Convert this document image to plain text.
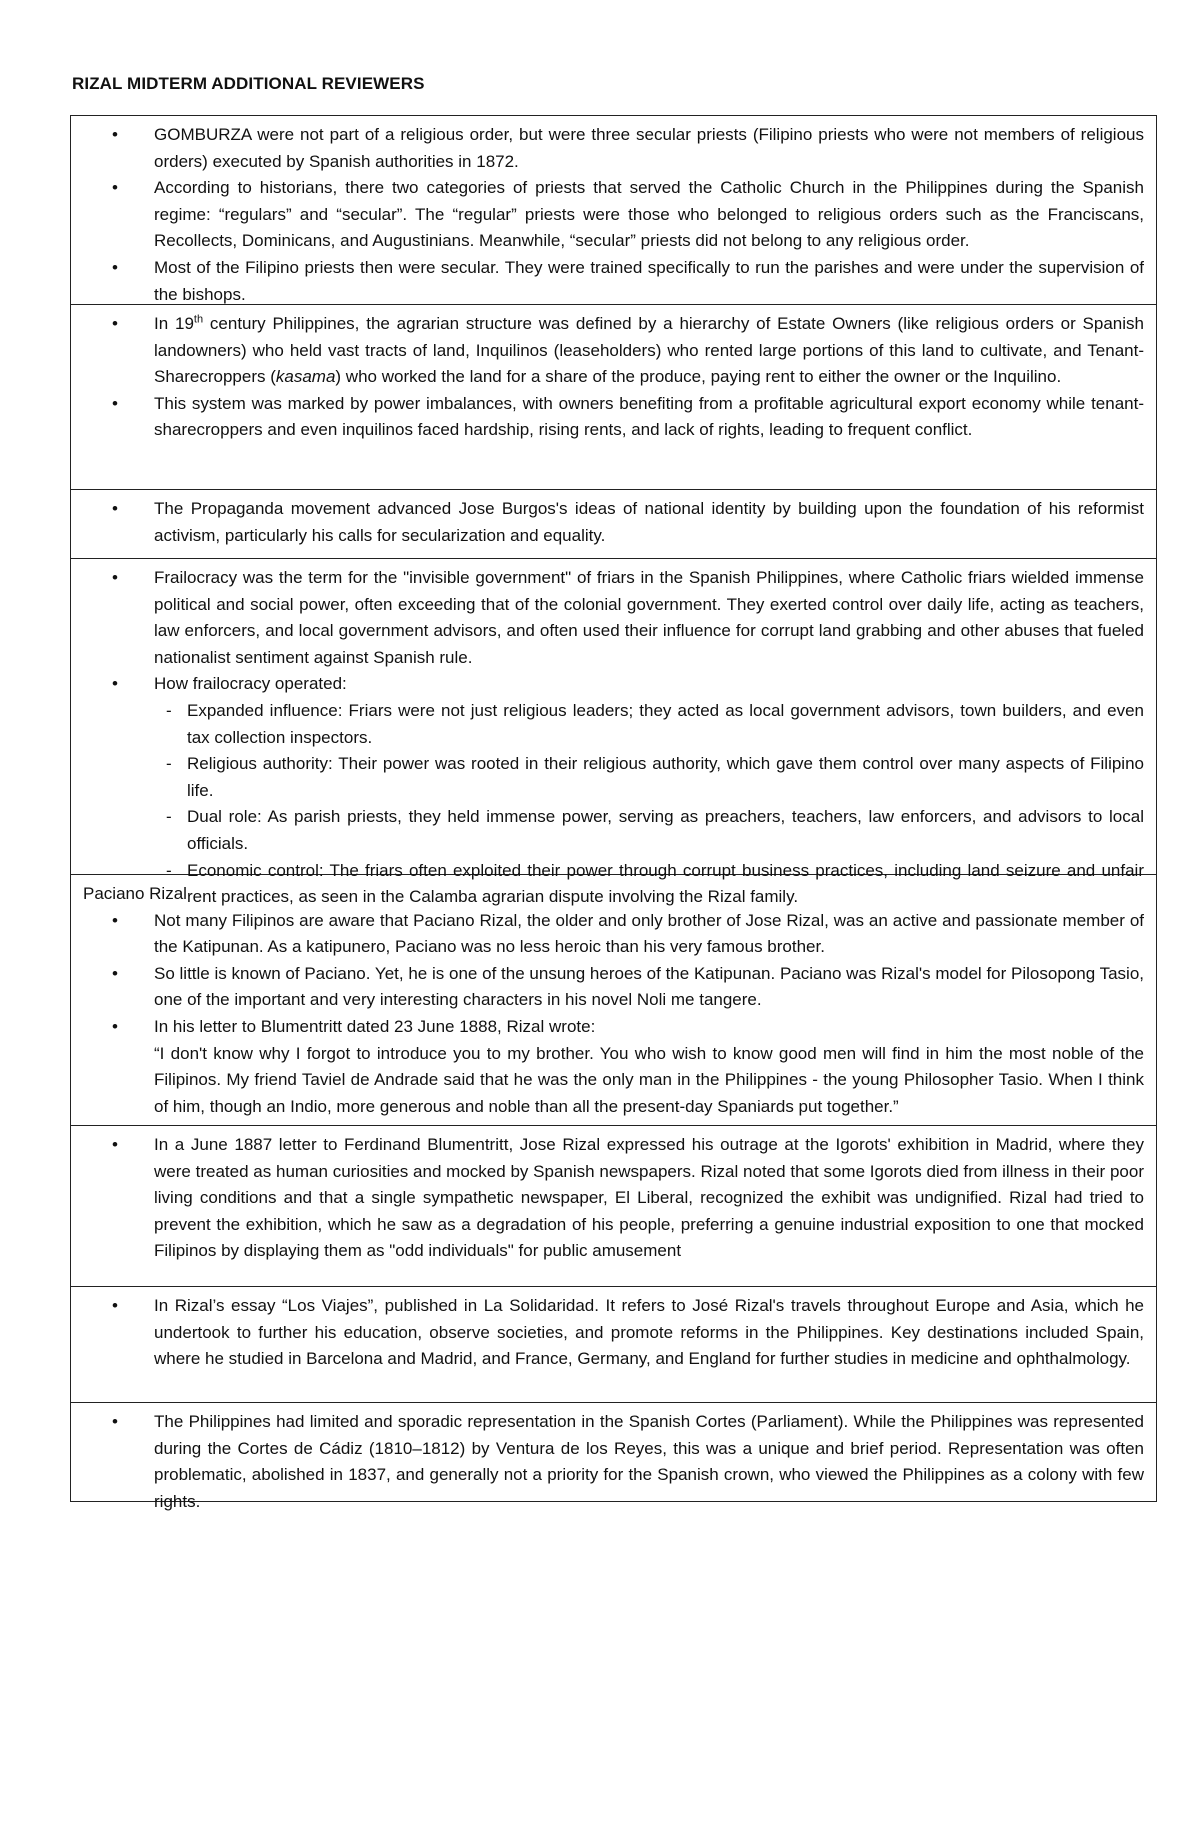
RIZAL MIDTERM ADDITIONAL REVIEWERS
• GOMBURZA were not part of a religious order, but were three secular priests (Filipino priests who were not members of religious orders) executed by Spanish authorities in 1872.
• According to historians, there two categories of priests that served the Catholic Church in the Philippines during the Spanish regime: “regulars” and “secular”. The “regular” priests were those who belonged to religious orders such as the Franciscans, Recollects, Dominicans, and Augustinians. Meanwhile, “secular” priests did not belong to any religious order.
• Most of the Filipino priests then were secular. They were trained specifically to run the parishes and were under the supervision of the bishops.
• In 19th century Philippines, the agrarian structure was defined by a hierarchy of Estate Owners (like religious orders or Spanish landowners) who held vast tracts of land, Inquilinos (leaseholders) who rented large portions of this land to cultivate, and Tenant-Sharecroppers (kasama) who worked the land for a share of the produce, paying rent to either the owner or the Inquilino.
• This system was marked by power imbalances, with owners benefiting from a profitable agricultural export economy while tenant-sharecroppers and even inquilinos faced hardship, rising rents, and lack of rights, leading to frequent conflict.
• The Propaganda movement advanced Jose Burgos's ideas of national identity by building upon the foundation of his reformist activism, particularly his calls for secularization and equality.
• Frailocracy was the term for the "invisible government" of friars in the Spanish Philippines, where Catholic friars wielded immense political and social power, often exceeding that of the colonial government. They exerted control over daily life, acting as teachers, law enforcers, and local government advisors, and often used their influence for corrupt land grabbing and other abuses that fueled nationalist sentiment against Spanish rule.
• How frailocracy operated:
- Expanded influence: Friars were not just religious leaders; they acted as local government advisors, town builders, and even tax collection inspectors.
- Religious authority: Their power was rooted in their religious authority, which gave them control over many aspects of Filipino life.
- Dual role: As parish priests, they held immense power, serving as preachers, teachers, law enforcers, and advisors to local officials.
- Economic control: The friars often exploited their power through corrupt business practices, including land seizure and unfair rent practices, as seen in the Calamba agrarian dispute involving the Rizal family.

Paciano Rizal

• Not many Filipinos are aware that Paciano Rizal, the older and only brother of Jose Rizal, was an active and passionate member of the Katipunan. As a katipunero, Paciano was no less heroic than his very famous brother.
• So little is known of Paciano. Yet, he is one of the unsung heroes of the Katipunan. Paciano was Rizal's model for Pilosopong Tasio, one of the important and very interesting characters in his novel Noli me tangere.
• In his letter to Blumentritt dated 23 June 1888, Rizal wrote:
“I don't know why I forgot to introduce you to my brother. You who wish to know good men will find in him the most noble of the Filipinos. My friend Taviel de Andrade said that he was the only man in the Philippines - the young Philosopher Tasio. When I think of him, though an Indio, more generous and noble than all the present-day Spaniards put together.”
• In a June 1887 letter to Ferdinand Blumentritt, Jose Rizal expressed his outrage at the Igorots' exhibition in Madrid, where they were treated as human curiosities and mocked by Spanish newspapers. Rizal noted that some Igorots died from illness in their poor living conditions and that a single sympathetic newspaper, El Liberal, recognized the exhibit was undignified. Rizal had tried to prevent the exhibition, which he saw as a degradation of his people, preferring a genuine industrial exposition to one that mocked Filipinos by displaying them as "odd individuals" for public amusement
• In Rizal’s essay “Los Viajes”, published in La Solidaridad. It refers to José Rizal's travels throughout Europe and Asia, which he undertook to further his education, observe societies, and promote reforms in the Philippines. Key destinations included Spain, where he studied in Barcelona and Madrid, and France, Germany, and England for further studies in medicine and ophthalmology.
• The Philippines had limited and sporadic representation in the Spanish Cortes (Parliament). While the Philippines was represented during the Cortes de Cádiz (1810–1812) by Ventura de los Reyes, this was a unique and brief period. Representation was often problematic, abolished in 1837, and generally not a priority for the Spanish crown, who viewed the Philippines as a colony with few rights.
